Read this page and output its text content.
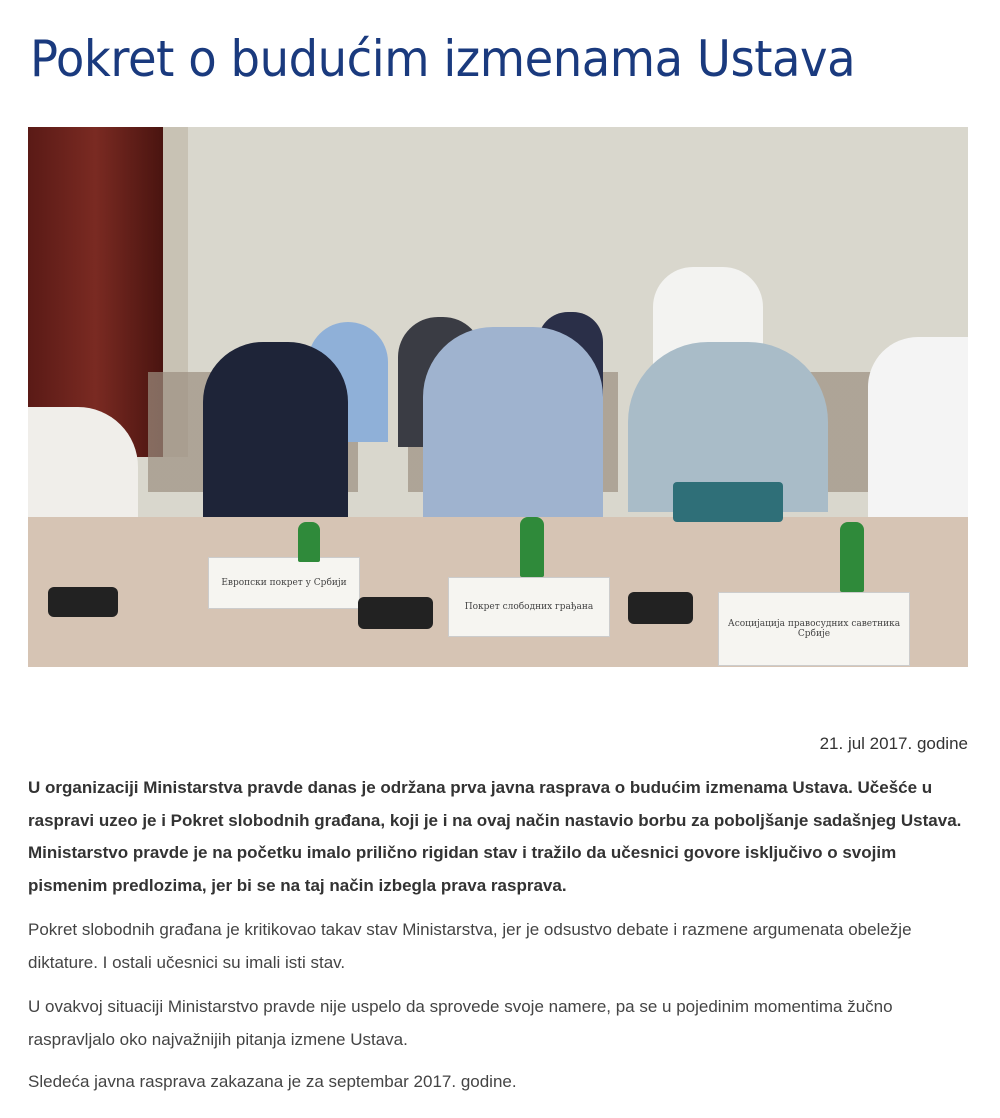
Pokret o budućim izmenama Ustava
Европски покрет у Србији
Покрет слободних грађана
Асоцијација правосудних саветника Србије
21. jul 2017. godine

U organizaciji Ministarstva pravde danas je održana prva javna rasprava o budućim izmenama Ustava. Učešće u raspravi uzeo je i Pokret slobodnih građana, koji je i na ovaj način nastavio borbu za poboljšanje sadašnjeg Ustava. Ministarstvo pravde je na početku imalo prilično rigidan stav i tražilo da učesnici govore isključivo o svojim pismenim predlozima, jer bi se na taj način izbegla prava rasprava.

Pokret slobodnih građana je kritikovao takav stav Ministarstva, jer je odsustvo debate i razmene argumenata obeležje diktature. I ostali učesnici su imali isti stav.

U ovakvoj situaciji Ministarstvo pravde nije uspelo da sprovede svoje namere, pa se u pojedinim momentima žučno raspravljalo oko najvažnijih pitanja izmene Ustava.

Sledeća javna rasprava zakazana je za septembar 2017. godine.
